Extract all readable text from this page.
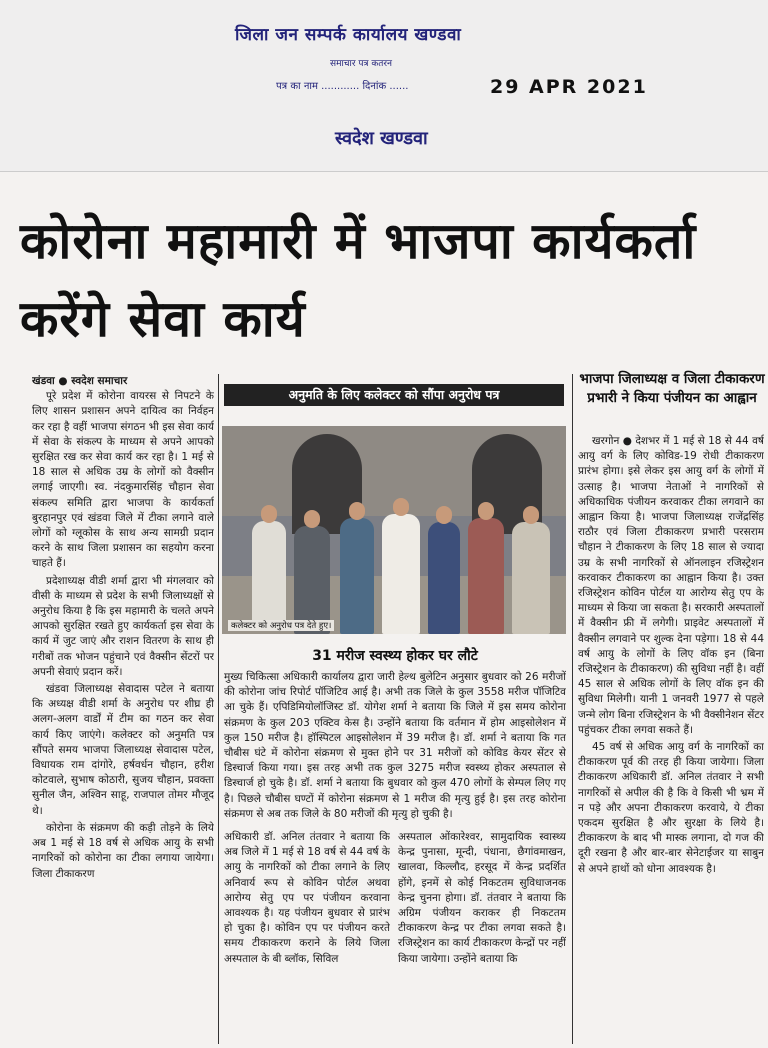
जिला जन सम्पर्क कार्यालय खण्डवा
समाचार पत्र कतरन
पत्र का नाम ............ दिनांक ......	29 APR 2021
स्वदेश खण्डवा
कोरोना महामारी में भाजपा कार्यकर्ता करेंगे सेवा कार्य
खंडवा ● स्वदेश समाचार

पूरे प्रदेश में कोरोना वायरस से निपटने के लिए शासन प्रशासन अपने दायित्व का निर्वहन कर रहा है वहीं भाजपा संगठन भी इस सेवा कार्य में सेवा के संकल्प के माध्यम से अपने आपको सुरक्षित रख कर सेवा कार्य कर रहा है। 1 मई से 18 साल से अधिक उम्र के लोगों को वैक्सीन लगाई जाएगी। स्व. नंदकुमारसिंह चौहान सेवा संकल्प समिति द्वारा भाजपा के कार्यकर्ता बुरहानपुर एवं खंडवा जिले में टीका लगाने वाले लोगों को ग्लूकोस के साथ अन्य सामग्री प्रदान करने के साथ जिला प्रशासन का सहयोग करना चाहते हैं।

प्रदेशाध्यक्ष वीडी शर्मा द्वारा भी मंगलवार को वीसी के माध्यम से प्रदेश के सभी जिलाध्यक्षों से अनुरोध किया है कि इस महामारी के चलते अपने आपको सुरक्षित रखते हुए कार्यकर्ता इस सेवा के कार्य में जुट जाएं और राशन वितरण के साथ ही गरीबों तक भोजन पहुंचाने एवं वैक्सीन सेंटरों पर अपनी सेवाएं प्रदान करें।

खंडवा जिलाध्यक्ष सेवादास पटेल ने बताया कि अध्यक्ष वीडी शर्मा के अनुरोध पर शीघ्र ही अलग-अलग वार्डों में टीम का गठन कर सेवा कार्य किए जाएंगे। कलेक्टर को अनुमति पत्र सौंपते समय भाजपा जिलाध्यक्ष सेवादास पटेल, विधायक राम दांगोरे, हर्षवर्धन चौहान, हरीश कोटवाले, सुभाष कोठारी, सुजय चौहान, प्रवक्ता सुनील जैन, अश्विन साहू, राजपाल तोमर मौजूद थे।

कोरोना के संक्रमण की कड़ी तोड़ने के लिये अब 1 मई से 18 वर्ष से अधिक आयु के सभी नागरिकों को कोरोना का टीका लगाया जायेगा। जिला टीकाकरण

अनुमति के लिए कलेक्टर को सौंपा अनुरोध पत्र
कलेक्टर को अनुरोध पत्र देते हुए।
31 मरीज स्वस्थ्य होकर घर लौटे

मुख्य चिकित्सा अधिकारी कार्यालय द्वारा जारी हेल्थ बुलेटिन अनुसार बुधवार को 26 मरीजों की कोरोना जांच रिपोर्ट पॉजिटिव आई है। अभी तक जिले के कुल 3558 मरीज पॉजिटिव आ चुके हैं। एपिडिमियोलॉजिस्ट डॉ. योगेश शर्मा ने बताया कि जिले में इस समय कोरोना संक्रमण के कुल 203 एक्टिव केस है। उन्होंने बताया कि वर्तमान में होम आइसोलेशन में कुल 150 मरीज है। हॉस्पिटल आइसोलेशन में 39 मरीज है। डॉ. शर्मा ने बताया कि गत चौबीस घंटे में कोरोना संक्रमण से मुक्त होने पर 31 मरीजों को कोविड केयर सेंटर से डिस्चार्ज किया गया। इस तरह अभी तक कुल 3275 मरीज स्वस्थ्य होकर अस्पताल से डिस्चार्ज हो चुके है। डॉ. शर्मा ने बताया कि बुधवार को कुल 470 लोगों के सेम्पल लिए गए है। पिछले चौबीस घण्टों में कोरोना संक्रमण से 1 मरीज की मृत्यु हुई है। इस तरह कोरोना संक्रमण से अब तक जिले के 80 मरीजों की मृत्यु हो चुकी है।

अधिकारी डॉ. अनिल तंतवार ने बताया कि अब जिले में 1 मई से 18 वर्ष से 44 वर्ष के आयु के नागरिकों को टीका लगाने के लिए अनिवार्य रूप से कोविन पोर्टल अथवा आरोग्य सेतु एप पर पंजीयन करवाना आवश्यक है। यह पंजीयन बुधवार से प्रारंभ हो चुका है। कोविन एप पर पंजीयन करते समय टीकाकरण कराने के लिये जिला अस्पताल के बी ब्लॉक, सिविल

अस्पताल ओंकारेश्वर, सामुदायिक स्वास्थ्य केन्द्र पुनासा, मून्दी, पंधाना, छैगांवमाखन, खालवा, किल्लौद, हरसूद में केन्द्र प्रदर्शित होंगे, इनमें से कोई निकटतम सुविधाजनक केन्द्र चुनना होगा। डॉ. तंतवार ने बताया कि अग्रिम पंजीयन कराकर ही निकटतम टीकाकरण केन्द्र पर टीका लगवा सकते है। रजिस्ट्रेशन का कार्य टीकाकरण केन्द्रों पर नहीं किया जायेगा। उन्होंने बताया कि

भाजपा जिलाध्यक्ष व जिला टीकाकरण प्रभारी ने किया पंजीयन का आह्वान

खरगोन ● देशभर में 1 मई से 18 से 44 वर्ष आयु वर्ग के लिए कोविड-19 रोधी टीकाकरण प्रारंभ होगा। इसे लेकर इस आयु वर्ग के लोगों में उत्साह है। भाजपा नेताओं ने नागरिकों से अधिकाधिक पंजीयन करवाकर टीका लगवाने का आह्वान किया है। भाजपा जिलाध्यक्ष राजेंद्रसिंह राठौर एवं जिला टीकाकरण प्रभारी परसराम चौहान ने टीकाकरण के लिए 18 साल से ज्यादा उम्र के सभी नागरिकों से ऑनलाइन रजिस्ट्रेशन करवाकर टीकाकरण का आह्वान किया है। उक्त रजिस्ट्रेशन कोविन पोर्टल या आरोग्य सेतु एप के माध्यम से किया जा सकता है। सरकारी अस्पतालों में वैक्सीन फ्री में लगेगी। प्राइवेट अस्पतालों में वैक्सीन लगवाने पर शुल्क देना पड़ेगा। 18 से 44 वर्ष आयु के लोगों के लिए वॉक इन (बिना रजिस्ट्रेशन के टीकाकरण) की सुविधा नहीं है। वहीं 45 साल से अधिक लोगों के लिए वॉक इन की सुविधा मिलेगी। यानी 1 जनवरी 1977 से पहले जन्मे लोग बिना रजिस्ट्रेशन के भी वैक्सीनेशन सेंटर पहुंचकर टीका लगवा सकते हैं।

45 वर्ष से अधिक आयु वर्ग के नागरिकों का टीकाकरण पूर्व की तरह ही किया जायेगा। जिला टीकाकरण अधिकारी डॉ. अनिल तंतवार ने सभी नागरिकों से अपील की है कि वे किसी भी भ्रम में न पड़े और अपना टीकाकरण करवाये, ये टीका एकदम सुरक्षित है और सुरक्षा के लिये है। टीकाकरण के बाद भी मास्क लगाना, दो गज की दूरी रखना है और बार-बार सेनेटाईजर या साबुन से अपने हाथों को धोना आवश्यक है।
